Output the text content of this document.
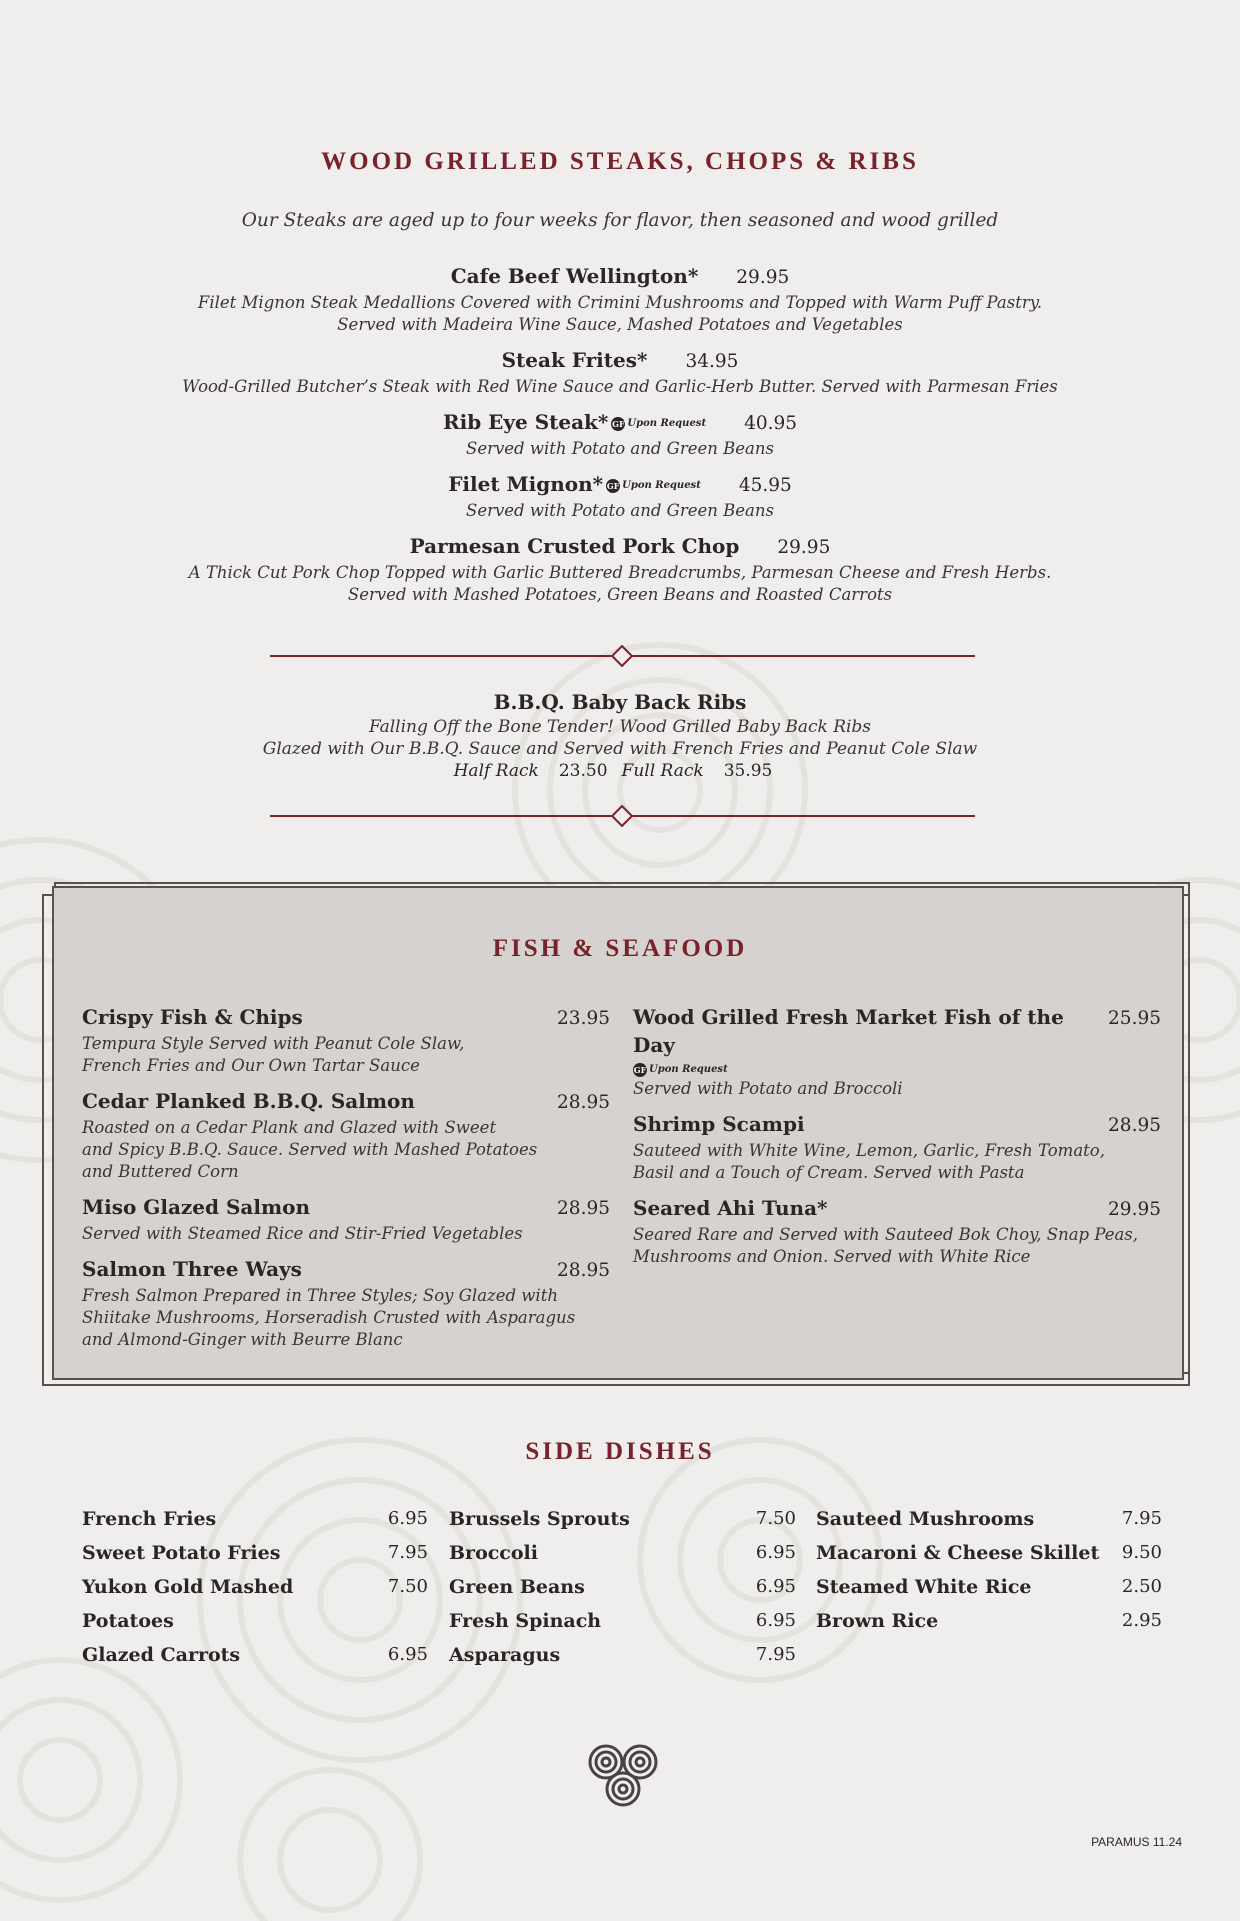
WOOD GRILLED STEAKS, CHOPS & RIBS
Our Steaks are aged up to four weeks for flavor, then seasoned and wood grilled
Cafe Beef Wellington* 29.95
Filet Mignon Steak Medallions Covered with Crimini Mushrooms and Topped with Warm Puff Pastry.
Served with Madeira Wine Sauce, Mashed Potatoes and Vegetables
Steak Frites* 34.95
Wood-Grilled Butcher’s Steak with Red Wine Sauce and Garlic-Herb Butter. Served with Parmesan Fries
Rib Eye Steak* GF Upon Request 40.95
Served with Potato and Green Beans
Filet Mignon* GF Upon Request 45.95
Served with Potato and Green Beans
Parmesan Crusted Pork Chop 29.95
A Thick Cut Pork Chop Topped with Garlic Buttered Breadcrumbs, Parmesan Cheese and Fresh Herbs.
Served with Mashed Potatoes, Green Beans and Roasted Carrots
B.B.Q. Baby Back Ribs
Falling Off the Bone Tender! Wood Grilled Baby Back Ribs
Glazed with Our B.B.Q. Sauce and Served with French Fries and Peanut Cole Slaw
Half Rack 23.50 Full Rack 35.95
FISH & SEAFOOD
Crispy Fish & Chips	23.95
Tempura Style Served with Peanut Cole Slaw,
French Fries and Our Own Tartar Sauce
Cedar Planked B.B.Q. Salmon	28.95
Roasted on a Cedar Plank and Glazed with Sweet
and Spicy B.B.Q. Sauce. Served with Mashed Potatoes
and Buttered Corn
Miso Glazed Salmon	28.95
Served with Steamed Rice and Stir-Fried Vegetables
Salmon Three Ways	28.95
Fresh Salmon Prepared in Three Styles; Soy Glazed with
Shiitake Mushrooms, Horseradish Crusted with Asparagus
and Almond-Ginger with Beurre Blanc
Wood Grilled Fresh Market Fish of the Day
25.95
GF Upon Request
Served with Potato and Broccoli
Shrimp Scampi	28.95
Sauteed with White Wine, Lemon, Garlic, Fresh Tomato,
Basil and a Touch of Cream. Served with Pasta
Seared Ahi Tuna*	29.95
Seared Rare and Served with Sauteed Bok Choy, Snap Peas,
Mushrooms and Onion. Served with White Rice
SIDE DISHES
French Fries	6.95
Sweet Potato Fries	7.95
Yukon Gold Mashed Potatoes
7.50
Glazed Carrots	6.95
Brussels Sprouts	7.50
Broccoli	6.95
Green Beans	6.95
Fresh Spinach	6.95
Asparagus	7.95
Sauteed Mushrooms	7.95
Macaroni & Cheese Skillet 9.50
Steamed White Rice	2.50
Brown Rice	2.95
PARAMUS 11.24
